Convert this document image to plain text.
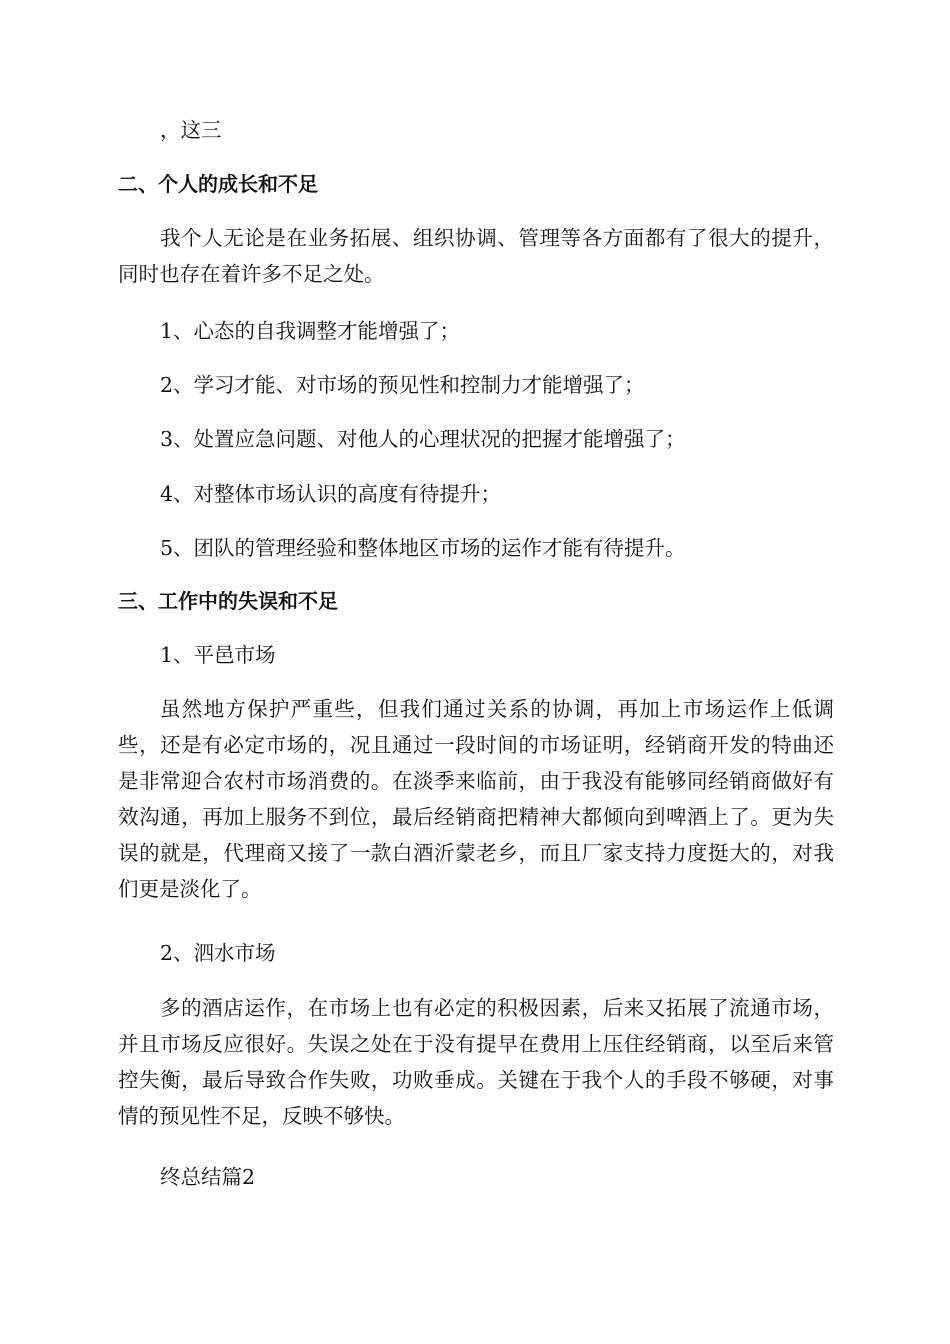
，这三

二、个人的成长和不足

我个人无论是在业务拓展、组织协调、管理等各方面都有了很大的提升，同时也存在着许多不足之处。

1、心态的自我调整才能增强了；

2、学习才能、对市场的预见性和控制力才能增强了；

3、处置应急问题、对他人的心理状况的把握才能增强了；

4、对整体市场认识的高度有待提升；

5、团队的管理经验和整体地区市场的运作才能有待提升。

三、工作中的失误和不足

1、平邑市场

虽然地方保护严重些，但我们通过关系的协调，再加上市场运作上低调些，还是有必定市场的，况且通过一段时间的市场证明，经销商开发的特曲还是非常迎合农村市场消费的。在淡季来临前，由于我没有能够同经销商做好有效沟通，再加上服务不到位，最后经销商把精神大都倾向到啤酒上了。更为失误的就是，代理商又接了一款白酒沂蒙老乡，而且厂家支持力度挺大的，对我们更是淡化了。

2、泗水市场

多的酒店运作，在市场上也有必定的积极因素，后来又拓展了流通市场，并且市场反应很好。失误之处在于没有提早在费用上压住经销商，以至后来管控失衡，最后导致合作失败，功败垂成。关键在于我个人的手段不够硬，对事情的预见性不足，反映不够快。

终总结篇2
